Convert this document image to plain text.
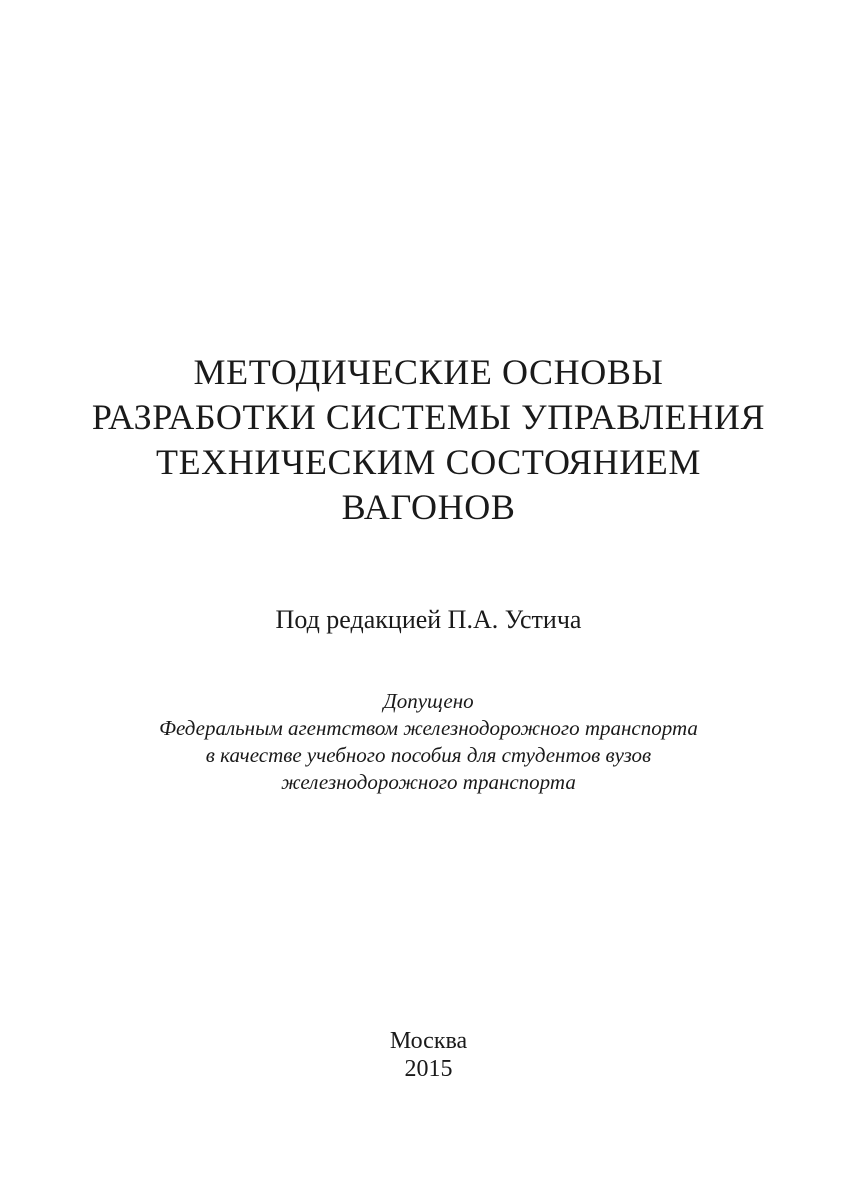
МЕТОДИЧЕСКИЕ ОСНОВЫ
РАЗРАБОТКИ СИСТЕМЫ УПРАВЛЕНИЯ
ТЕХНИЧЕСКИМ СОСТОЯНИЕМ
ВАГОНОВ
Под редакцией П.А. Устича
Допущено
Федеральным агентством железнодорожного транспорта
в качестве учебного пособия для студентов вузов
железнодорожного транспорта
Москва
2015
